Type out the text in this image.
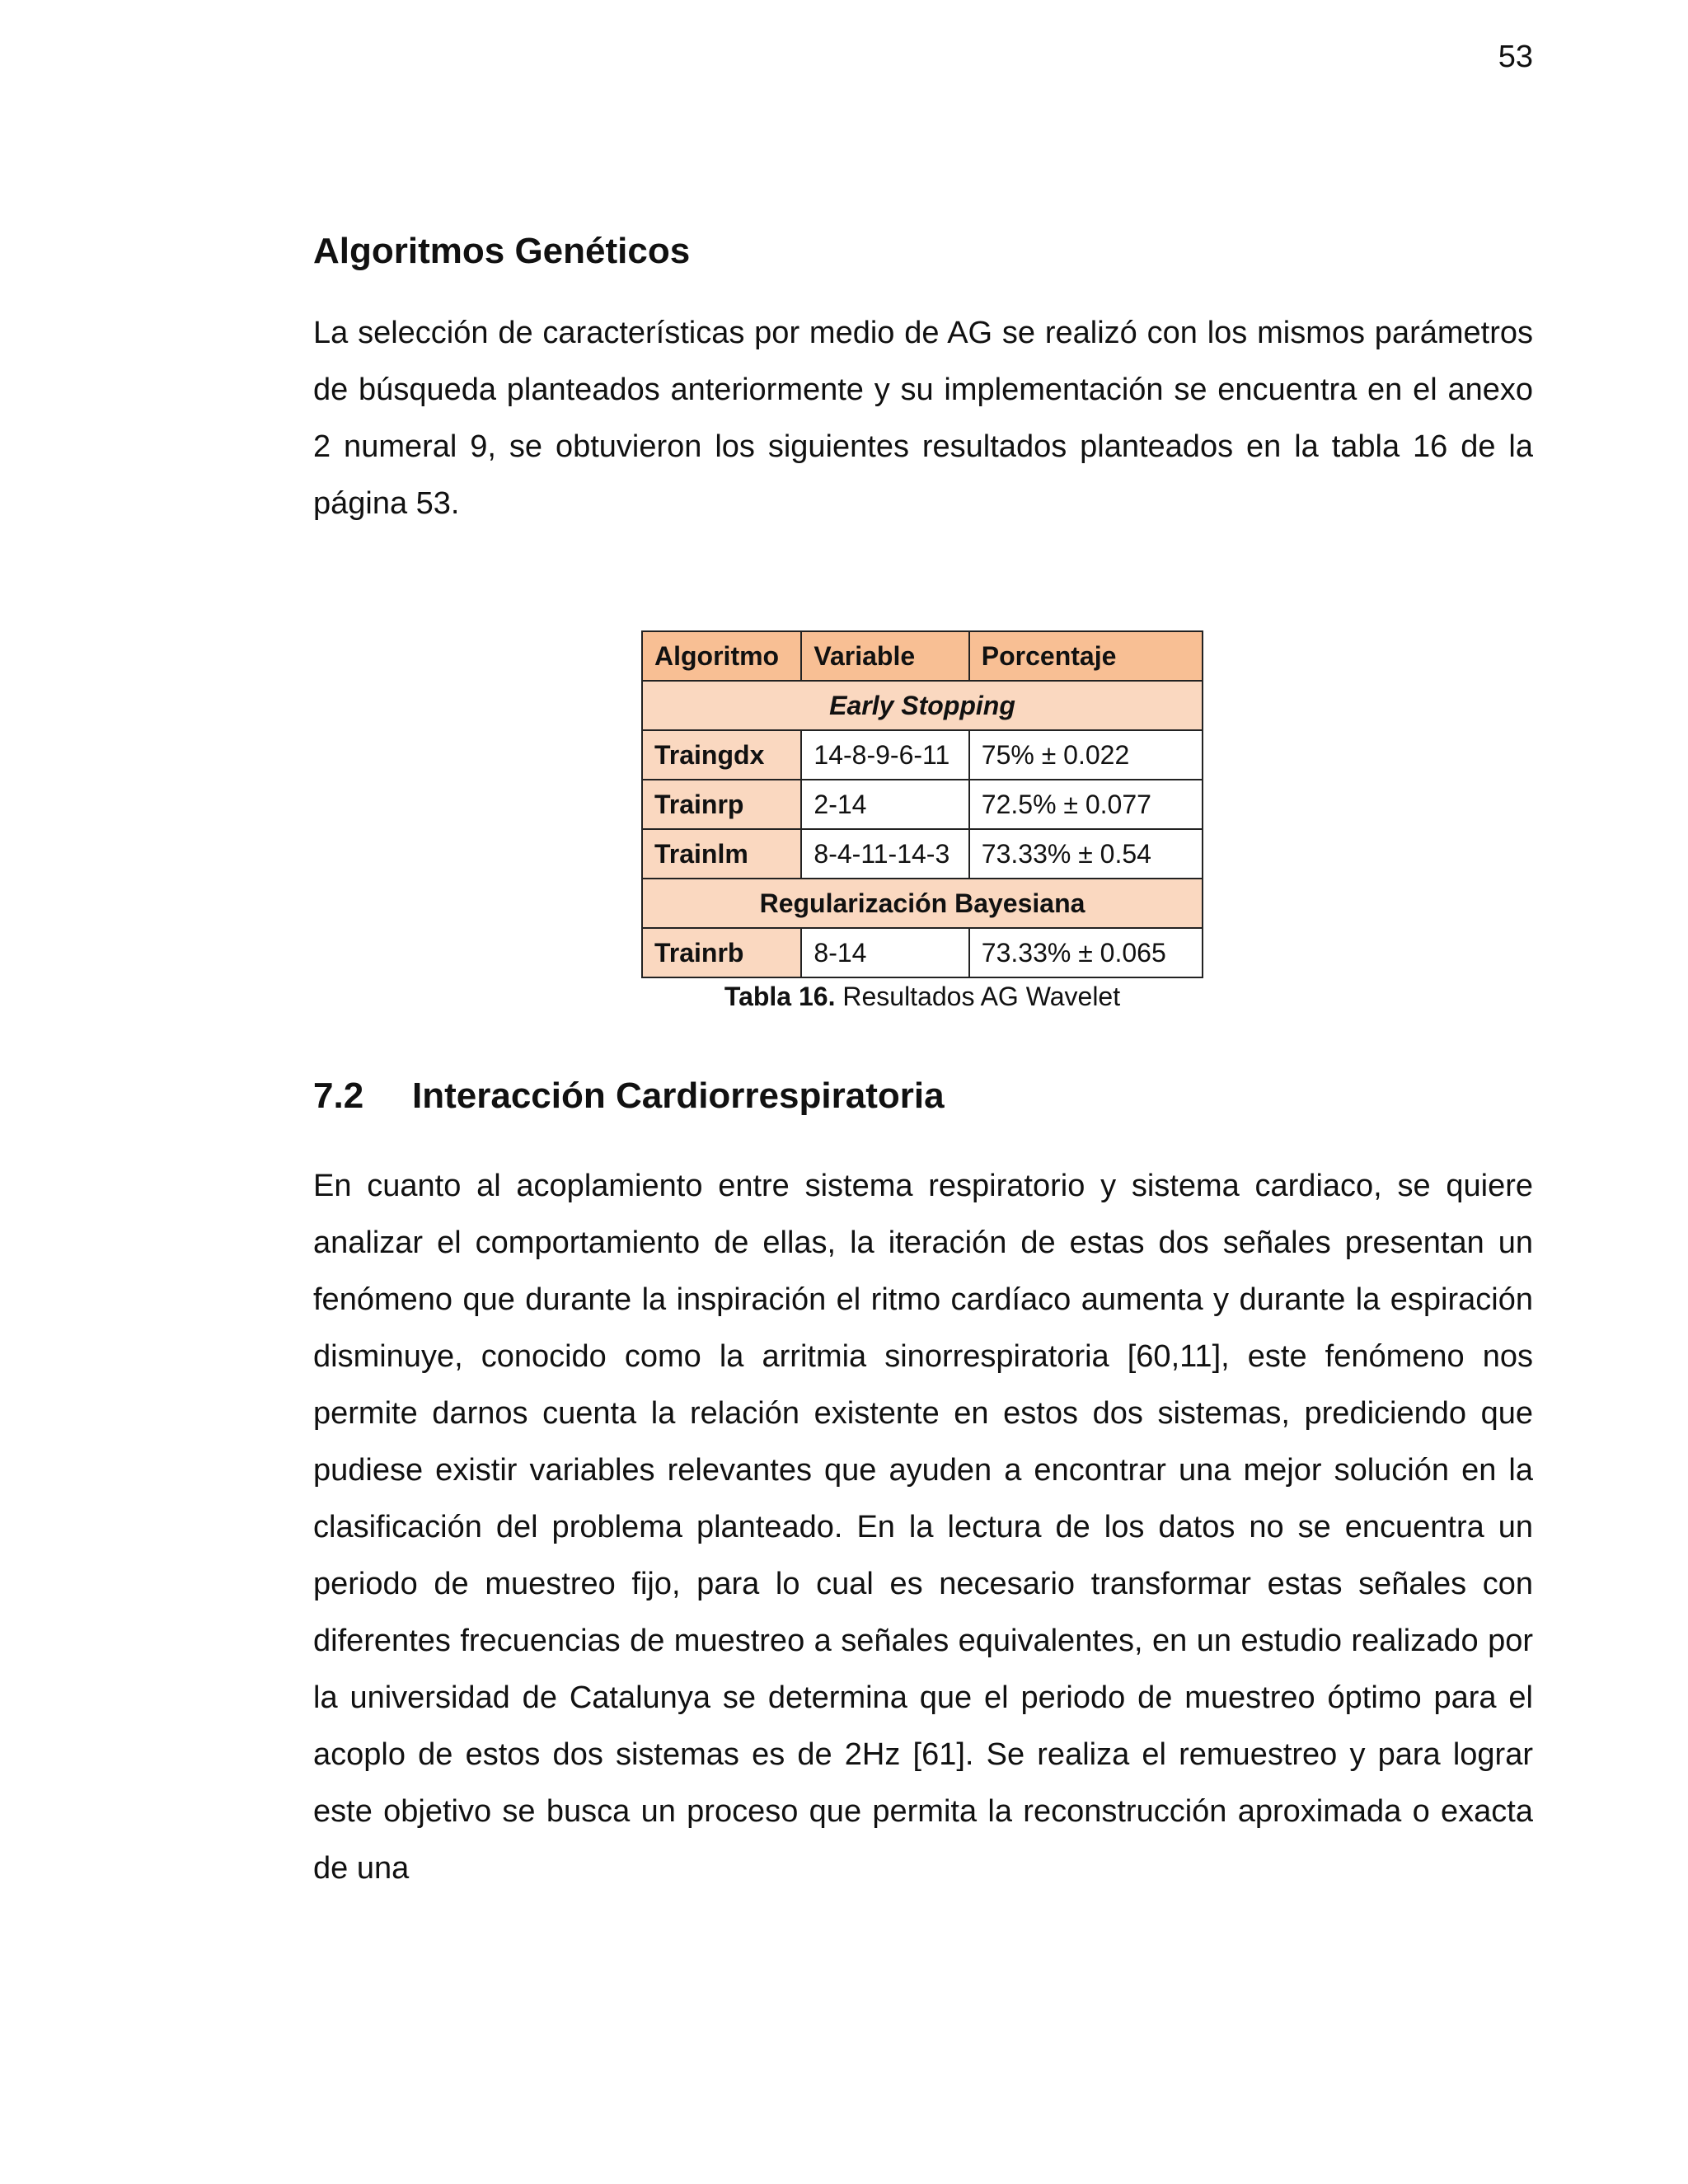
53
Algoritmos Genéticos

La selección de características por medio de AG se realizó con los mismos parámetros de búsqueda planteados anteriormente y su implementación se encuentra en el anexo 2 numeral 9, se obtuvieron los siguientes resultados planteados en la tabla 16 de la página 53.

Algoritmo	Variable	Porcentaje
Early Stopping		
Traingdx	14-8-9-6-11	75% ± 0.022
Trainrp	2-14	72.5% ± 0.077
Trainlm	8-4-11-14-3	73.33% ± 0.54
Regularización Bayesiana		
Trainrb	8-14	73.33% ± 0.065
Tabla 16. Resultados AG Wavelet
7.2	Interacción Cardiorrespiratoria

En cuanto al acoplamiento entre sistema respiratorio y sistema cardiaco, se quiere analizar el comportamiento de ellas, la iteración de estas dos señales presentan un fenómeno que durante la inspiración el ritmo cardíaco aumenta y durante la espiración disminuye, conocido como la arritmia sinorrespiratoria [60,11], este fenómeno nos permite darnos cuenta la relación existente en estos dos sistemas, prediciendo que pudiese existir variables relevantes que ayuden a encontrar una mejor solución en la clasificación del problema planteado. En la lectura de los datos no se encuentra un periodo de muestreo fijo, para lo cual es necesario transformar estas señales con diferentes frecuencias de muestreo a señales equivalentes, en un estudio realizado por la universidad de Catalunya se determina que el periodo de muestreo óptimo para el acoplo de estos dos sistemas es de 2Hz [61]. Se realiza el remuestreo y para lograr este objetivo se busca un proceso que permita la reconstrucción aproximada o exacta de una
